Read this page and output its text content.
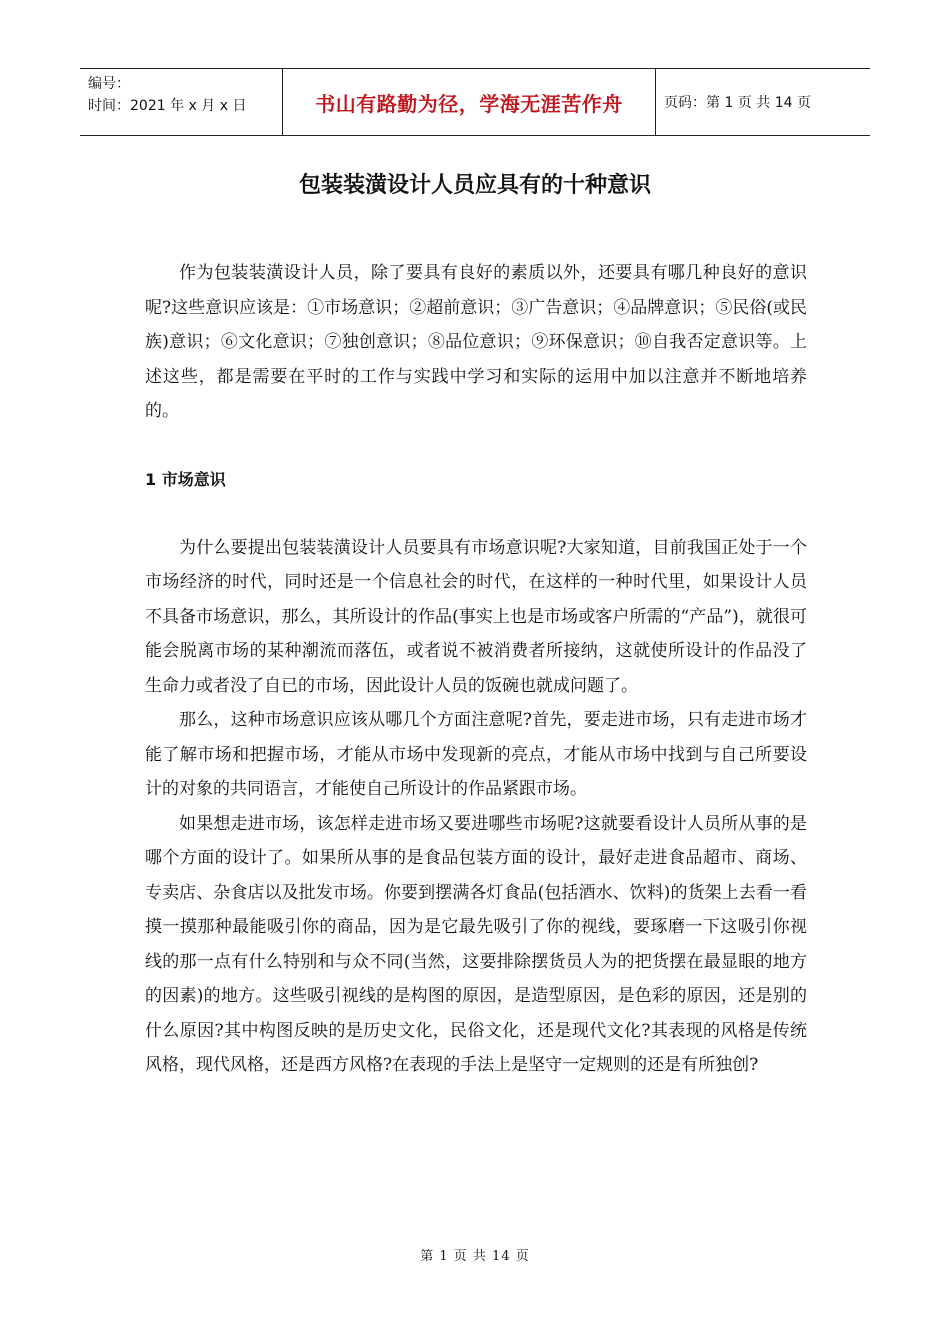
编号：
时间：2021 年 x 月 x 日	书山有路勤为径，学海无涯苦作舟	页码：第 1 页 共 14 页
包装装潢设计人员应具有的十种意识

作为包装装潢设计人员，除了要具有良好的素质以外，还要具有哪几种良好的意识呢?这些意识应该是：①市场意识；②超前意识；③广告意识；④品牌意识；⑤民俗(或民族)意识；⑥文化意识；⑦独创意识；⑧品位意识；⑨环保意识；⑩自我否定意识等。上述这些，都是需要在平时的工作与实践中学习和实际的运用中加以注意并不断地培养的。

1 市场意识

为什么要提出包装装潢设计人员要具有市场意识呢?大家知道，目前我国正处于一个市场经济的时代，同时还是一个信息社会的时代，在这样的一种时代里，如果设计人员不具备市场意识，那么，其所设计的作品(事实上也是市场或客户所需的“产品”)，就很可能会脱离市场的某种潮流而落伍，或者说不被消费者所接纳，这就使所设计的作品没了生命力或者没了自已的市场，因此设计人员的饭碗也就成问题了。

那么，这种市场意识应该从哪几个方面注意呢?首先，要走进市场，只有走进市场才能了解市场和把握市场，才能从市场中发现新的亮点，才能从市场中找到与自己所要设计的对象的共同语言，才能使自己所设计的作品紧跟市场。

如果想走进市场，该怎样走进市场又要进哪些市场呢?这就要看设计人员所从事的是哪个方面的设计了。如果所从事的是食品包装方面的设计，最好走进食品超市、商场、专卖店、杂食店以及批发市场。你要到摆满各灯食品(包括酒水、饮料)的货架上去看一看摸一摸那种最能吸引你的商品，因为是它最先吸引了你的视线，要琢磨一下这吸引你视线的那一点有什么特别和与众不同(当然，这要排除摆货员人为的把货摆在最显眼的地方的因素)的地方。这些吸引视线的是构图的原因，是造型原因，是色彩的原因，还是别的什么原因?其中构图反映的是历史文化，民俗文化，还是现代文化?其表现的风格是传统风格，现代风格，还是西方风格?在表现的手法上是坚守一定规则的还是有所独创?

第 1 页 共 14 页
